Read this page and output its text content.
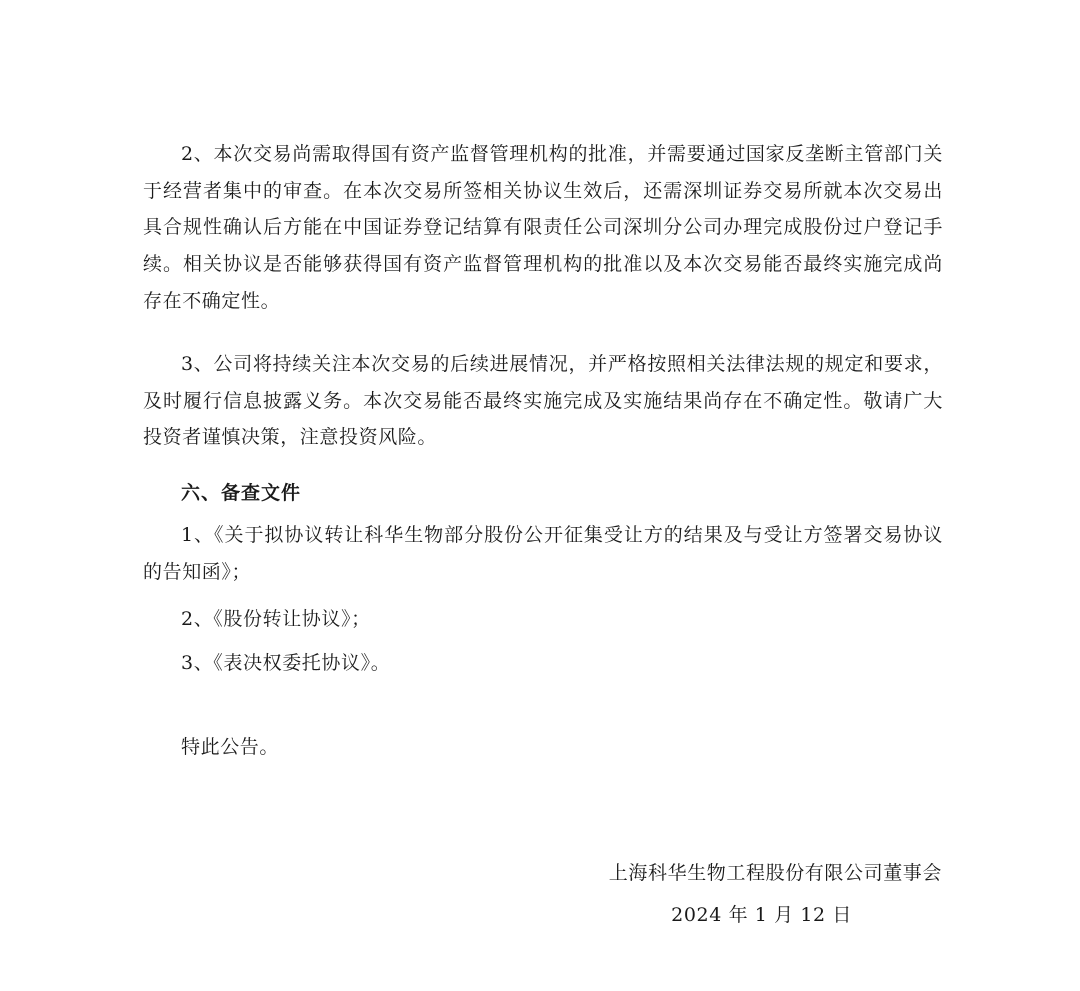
2、本次交易尚需取得国有资产监督管理机构的批准，并需要通过国家反垄断主管部门关于经营者集中的审查。在本次交易所签相关协议生效后，还需深圳证券交易所就本次交易出具合规性确认后方能在中国证券登记结算有限责任公司深圳分公司办理完成股份过户登记手续。相关协议是否能够获得国有资产监督管理机构的批准以及本次交易能否最终实施完成尚存在不确定性。
3、公司将持续关注本次交易的后续进展情况，并严格按照相关法律法规的规定和要求，及时履行信息披露义务。本次交易能否最终实施完成及实施结果尚存在不确定性。敬请广大投资者谨慎决策，注意投资风险。
六、备查文件
1、《关于拟协议转让科华生物部分股份公开征集受让方的结果及与受让方签署交易协议的告知函》；
2、《股份转让协议》；
3、《表决权委托协议》。
特此公告。
上海科华生物工程股份有限公司董事会
2024 年 1 月 12 日
